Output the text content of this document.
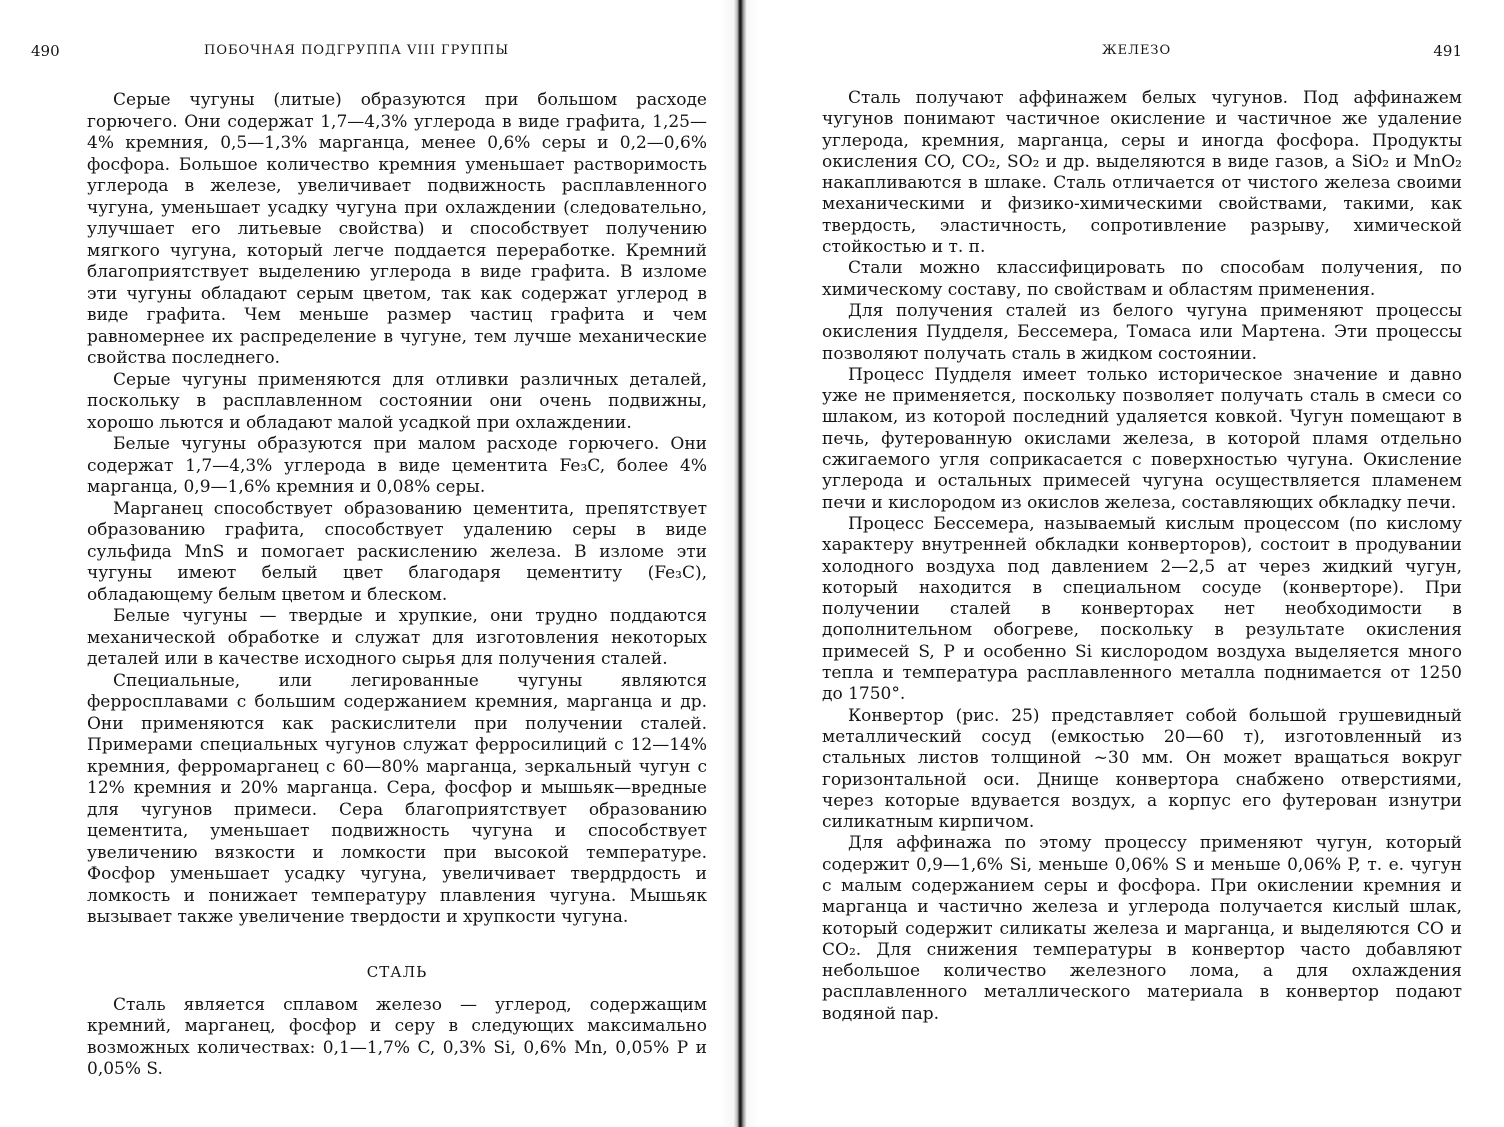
490	ПОБОЧНАЯ ПОДГРУППА VIII ГРУППЫ

Серые чугуны (литые) образуются при большом расходе горючего. Они содержат 1,7—4,3% углерода в виде графита, 1,25—4% кремния, 0,5—1,3% марганца, менее 0,6% серы и 0,2—0,6% фосфора. Большое количество кремния уменьшает растворимость углерода в железе, увеличивает подвижность расплавленного чугуна, уменьшает усадку чугуна при охлаждении (следовательно, улучшает его литьевые свойства) и способствует получению мягкого чугуна, который легче поддается переработке. Кремний благоприятствует выделению углерода в виде графита. В изломе эти чугуны обладают серым цветом, так как содержат углерод в виде графита. Чем меньше размер частиц графита и чем равномернее их распределение в чугуне, тем лучше механические свойства последнего.

Серые чугуны применяются для отливки различных деталей, поскольку в расплавленном состоянии они очень подвижны, хорошо льются и обладают малой усадкой при охлаждении.

Белые чугуны образуются при малом расходе горючего. Они содержат 1,7—4,3% углерода в виде цементита Fe₃C, более 4% марганца, 0,9—1,6% кремния и 0,08% серы.

Марганец способствует образованию цементита, препятствует образованию графита, способствует удалению серы в виде сульфида MnS и помогает раскислению железа. В изломе эти чугуны имеют белый цвет благодаря цементиту (Fe₃C), обладающему белым цветом и блеском.

Белые чугуны — твердые и хрупкие, они трудно поддаются механической обработке и служат для изготовления некоторых деталей или в качестве исходного сырья для получения сталей.

Специальные, или легированные чугуны являются ферросплавами с большим содержанием кремния, марганца и др. Они применяются как раскислители при получении сталей. Примерами специальных чугунов служат ферросилиций с 12—14% кремния, ферромарганец с 60—80% марганца, зеркальный чугун с 12% кремния и 20% марганца. Сера, фосфор и мышьяк—вредные для чугунов примеси. Сера благоприятствует образованию цементита, уменьшает подвижность чугуна и способствует увеличению вязкости и ломкости при высокой температуре. Фосфор уменьшает усадку чугуна, увеличивает твердрдость и ломкость и понижает температуру плавления чугуна. Мышьяк вызывает также увеличение твердости и хрупкости чугуна.

СТАЛЬ

Сталь является сплавом железо — углерод, содержащим кремний, марганец, фосфор и серу в следующих максимально возможных количествах: 0,1—1,7% C, 0,3% Si, 0,6% Mn, 0,05% P и 0,05% S.

ЖЕЛЕЗО	491

Сталь получают аффинажем белых чугунов. Под аффинажем чугунов понимают частичное окисление и частичное же удаление углерода, кремния, марганца, серы и иногда фосфора. Продукты окисления CO, CO₂, SO₂ и др. выделяются в виде газов, а SiO₂ и MnO₂ накапливаются в шлаке. Сталь отличается от чистого железа своими механическими и физико-химическими свойствами, такими, как твердость, эластичность, сопротивление разрыву, химической стойкостью и т. п.

Стали можно классифицировать по способам получения, по химическому составу, по свойствам и областям применения.

Для получения сталей из белого чугуна применяют процессы окисления Пудделя, Бессемера, Томаса или Мартена. Эти процессы позволяют получать сталь в жидком состоянии.

Процесс Пудделя имеет только историческое значение и давно уже не применяется, поскольку позволяет получать сталь в смеси со шлаком, из которой последний удаляется ковкой. Чугун помещают в печь, футерованную окислами железа, в которой пламя отдельно сжигаемого угля соприкасается с поверхностью чугуна. Окисление углерода и остальных примесей чугуна осуществляется пламенем печи и кислородом из окислов железа, составляющих обкладку печи.

Процесс Бессемера, называемый кислым процессом (по кислому характеру внутренней обкладки конверторов), состоит в продувании холодного воздуха под давлением 2—2,5 ат через жидкий чугун, который находится в специальном сосуде (конверторе). При получении сталей в конверторах нет необходимости в дополнительном обогреве, поскольку в результате окисления примесей S, P и особенно Si кислородом воздуха выделяется много тепла и температура расплавленного металла поднимается от 1250 до 1750°.

Конвертор (рис. 25) представляет собой большой грушевидный металлический сосуд (емкостью 20—60 т), изготовленный из стальных листов толщиной ~30 мм. Он может вращаться вокруг горизонтальной оси. Днище конвертора снабжено отверстиями, через которые вдувается воздух, а корпус его футерован изнутри силикатным кирпичом.

Для аффинажа по этому процессу применяют чугун, который содержит 0,9—1,6% Si, меньше 0,06% S и меньше 0,06% P, т. е. чугун с малым содержанием серы и фосфора. При окислении кремния и марганца и частично железа и углерода получается кислый шлак, который содержит силикаты железа и марганца, и выделяются CO и CO₂. Для снижения температуры в конвертор часто добавляют небольшое количество железного лома, а для охлаждения расплавленного металлического материала в конвертор подают водяной пар.
